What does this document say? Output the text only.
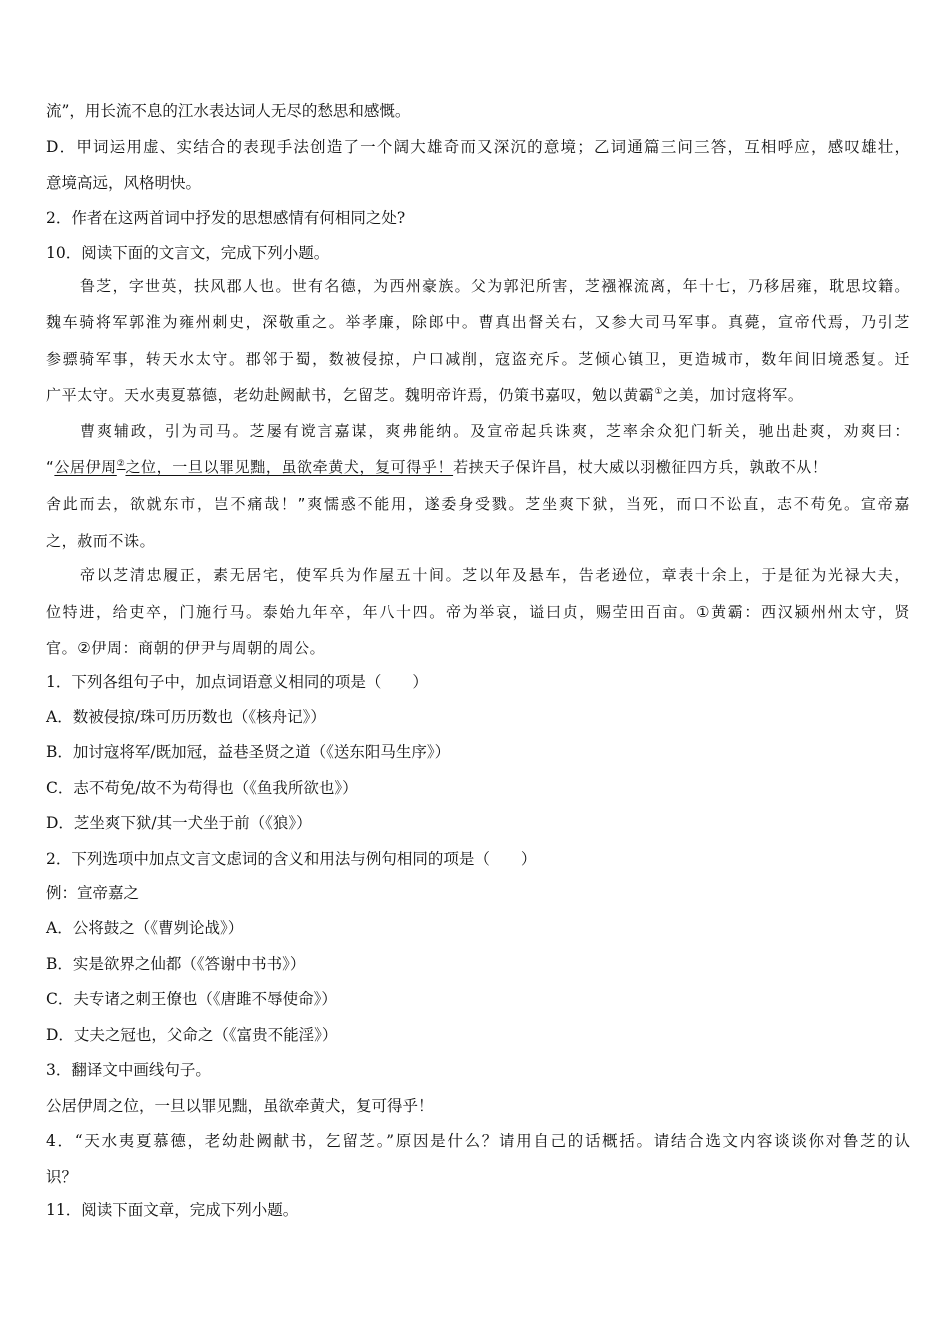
流”，用长流不息的江水表达词人无尽的愁思和感慨。
D．甲词运用虚、实结合的表现手法创造了一个阔大雄奇而又深沉的意境；乙词通篇三问三答，互相呼应，感叹雄壮，
意境高远，风格明快。
2．作者在这两首词中抒发的思想感情有何相同之处?
10．阅读下面的文言文，完成下列小题。
鲁芝，字世英，扶风郡人也。世有名德，为西州豪族。父为郭汜所害，芝襁褓流离，年十七，乃移居雍，耽思坟籍。
魏车骑将军郭淮为雍州刺史，深敬重之。举孝廉，除郎中。曹真出督关右，又参大司马军事。真薨，宣帝代焉，乃引芝
参骠骑军事，转天水太守。郡邻于蜀，数被侵掠，户口减削，寇盗充斥。芝倾心镇卫，更造城市，数年间旧境悉复。迁
广平太守。天水夷夏慕德，老幼赴阙献书，乞留芝。魏明帝许焉，仍策书嘉叹，勉以黄霸①之美，加讨寇将军。
曹爽辅政，引为司马。芝屡有谠言嘉谋，爽弗能纳。及宣帝起兵诛爽，芝率余众犯门斩关，驰出赴爽，劝爽曰：
“公居伊周②之位，一旦以罪见黜，虽欲牵黄犬，复可得乎！若挟天子保许昌，杖大威以羽檄征四方兵，孰敢不从！
舍此而去，欲就东市，岂不痛哉！”爽懦惑不能用，遂委身受戮。芝坐爽下狱，当死，而口不讼直，志不苟免。宣帝嘉
之，赦而不诛。
帝以芝清忠履正，素无居宅，使军兵为作屋五十间。芝以年及悬车，告老逊位，章表十余上，于是征为光禄大夫，
位特进，给吏卒，门施行马。泰始九年卒，年八十四。帝为举哀，谥曰贞，赐茔田百亩。①黄霸：西汉颍州州太守，贤
官。②伊周：商朝的伊尹与周朝的周公。
1．下列各组句子中，加点词语意义相同的项是（　　）
A．数被侵掠/珠可历历数也（《核舟记》）
B．加讨寇将军/既加冠，益巷圣贤之道（《送东阳马生序》）
C．志不苟免/故不为苟得也（《鱼我所欲也》）
D．芝坐爽下狱/其一犬坐于前（《狼》）
2．下列选项中加点文言文虑词的含义和用法与例句相同的项是（　　）
例：宣帝嘉之
A．公将鼓之（《曹刿论战》）
B．实是欲界之仙都（《答谢中书书》）
C．夫专诸之刺王僚也（《唐雎不辱使命》）
D．丈夫之冠也，父命之（《富贵不能淫》）
3．翻译文中画线句子。
公居伊周之位，一旦以罪见黜，虽欲牵黄犬，复可得乎！
4．“天水夷夏慕德，老幼赴阙献书，乞留芝。”原因是什么？请用自己的话概括。请结合选文内容谈谈你对鲁芝的认
识？
11．阅读下面文章，完成下列小题。
